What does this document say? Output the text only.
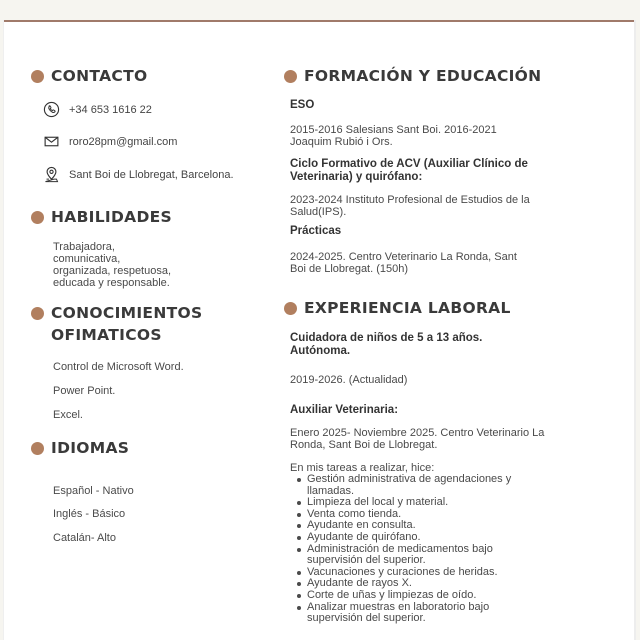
CONTACTO
+34 653 1616 22
roro28pm@gmail.com
Sant Boi de Llobregat, Barcelona.
HABILIDADES
Trabajadora,
comunicativa,
organizada, respetuosa,
educada y responsable.
CONOCIMIENTOS
OFIMATICOS
Control de Microsoft Word.
Power Point.
Excel.
IDIOMAS
Español - Nativo
Inglés - Básico
Catalán- Alto
FORMACIÓN Y EDUCACIÓN
ESO
2015-2016 Salesians Sant Boi. 2016-2021
Joaquim Rubió i Ors.
Ciclo Formativo de ACV (Auxiliar Clínico de
Veterinaria) y quirófano:
2023-2024 Instituto Profesional de Estudios de la
Salud(IPS).
Prácticas
2024-2025. Centro Veterinario La Ronda, Sant
Boi de Llobregat. (150h)
EXPERIENCIA LABORAL
Cuidadora de niños de 5 a 13 años.
Autónoma.
2019-2026. (Actualidad)
Auxiliar Veterinaria:
Enero 2025- Noviembre 2025. Centro Veterinario La
Ronda, Sant Boi de Llobregat.
En mis tareas a realizar, hice:
Gestión administrativa de agendaciones y llamadas.
Limpieza del local y material.
Venta como tienda.
Ayudante en consulta.
Ayudante de quirófano.
Administración de medicamentos bajo supervisión del superior.
Vacunaciones y curaciones de heridas.
Ayudante de rayos X.
Corte de uñas y limpiezas de oído.
Analizar muestras en laboratorio bajo supervisión del superior.
